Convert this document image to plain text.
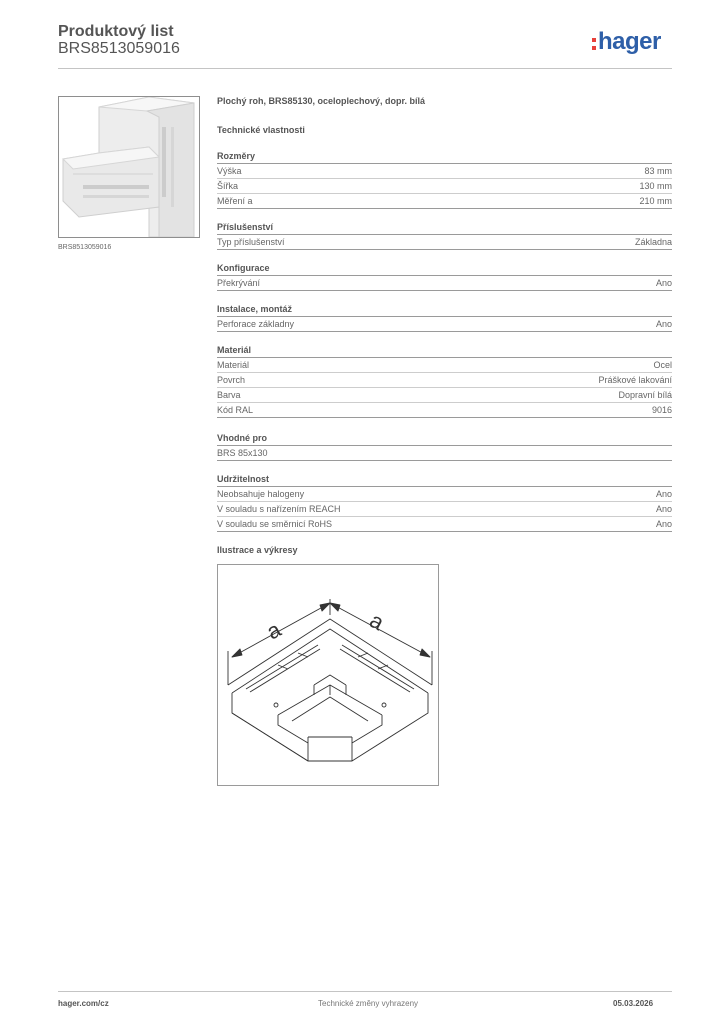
Produktový list
BRS8513059016	hager
BRS8513059016
Plochý roh, BRS85130, oceloplechový, dopr. bílá
Technické vlastnosti
Rozměry
Výška	83 mm
Šířka	130 mm
Měření a	210 mm
Příslušenství
Typ příslušenství	Základna
Konfigurace
Překrývání	Ano
Instalace, montáž
Perforace základny	Ano
Materiál
Materiál	Ocel
Povrch	Práškové lakování
Barva	Dopravní bílá
Kód RAL	9016
Vhodné pro
BRS 85x130
Udržitelnost
Neobsahuje halogeny	Ano
V souladu s nařízením REACH	Ano
V souladu se směrnicí RoHS	Ano
Ilustrace a výkresy
a	a
hager.com/cz	Technické změny vyhrazeny	05.03.2026
